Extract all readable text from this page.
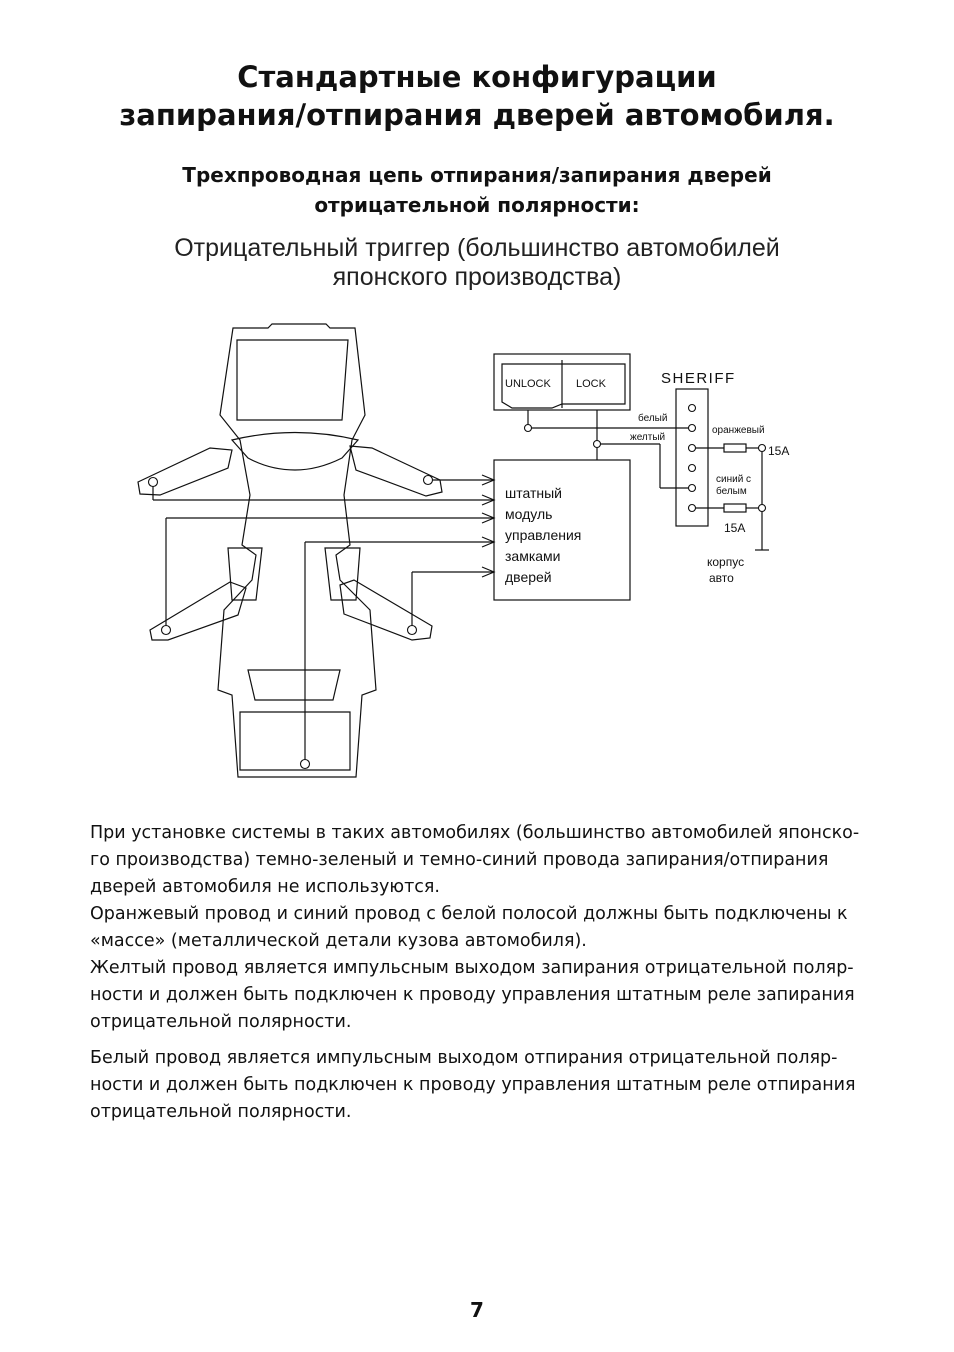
Стандартные конфигурации
запирания/отпирания дверей автомобиля.
Трехпроводная цепь отпирания/запирания дверей
отрицательной полярности:
Отрицательный триггер (большинство автомобилей
японского производства)
UNLOCK LOCK	SHERIFF
белый
желтый
оранжевый
15А
синий с
белым
15А
корпус
авто
штатный
модуль
управления
замками
дверей

При установке системы в таких автомобилях (большинство автомобилей японско-го производства) темно-зеленый и темно-синий провода запирания/отпирания дверей автомобиля не используются.

Оранжевый провод и синий провод с белой полосой должны быть подключены к «массе» (металлической детали кузова автомобиля).

Желтый провод является импульсным выходом запирания отрицательной поляр-ности и должен быть подключен к проводу управления штатным реле запирания отрицательной полярности.

Белый провод является импульсным выходом отпирания отрицательной поляр-ности и должен быть подключен к проводу управления штатным реле отпирания отрицательной полярности.

7
